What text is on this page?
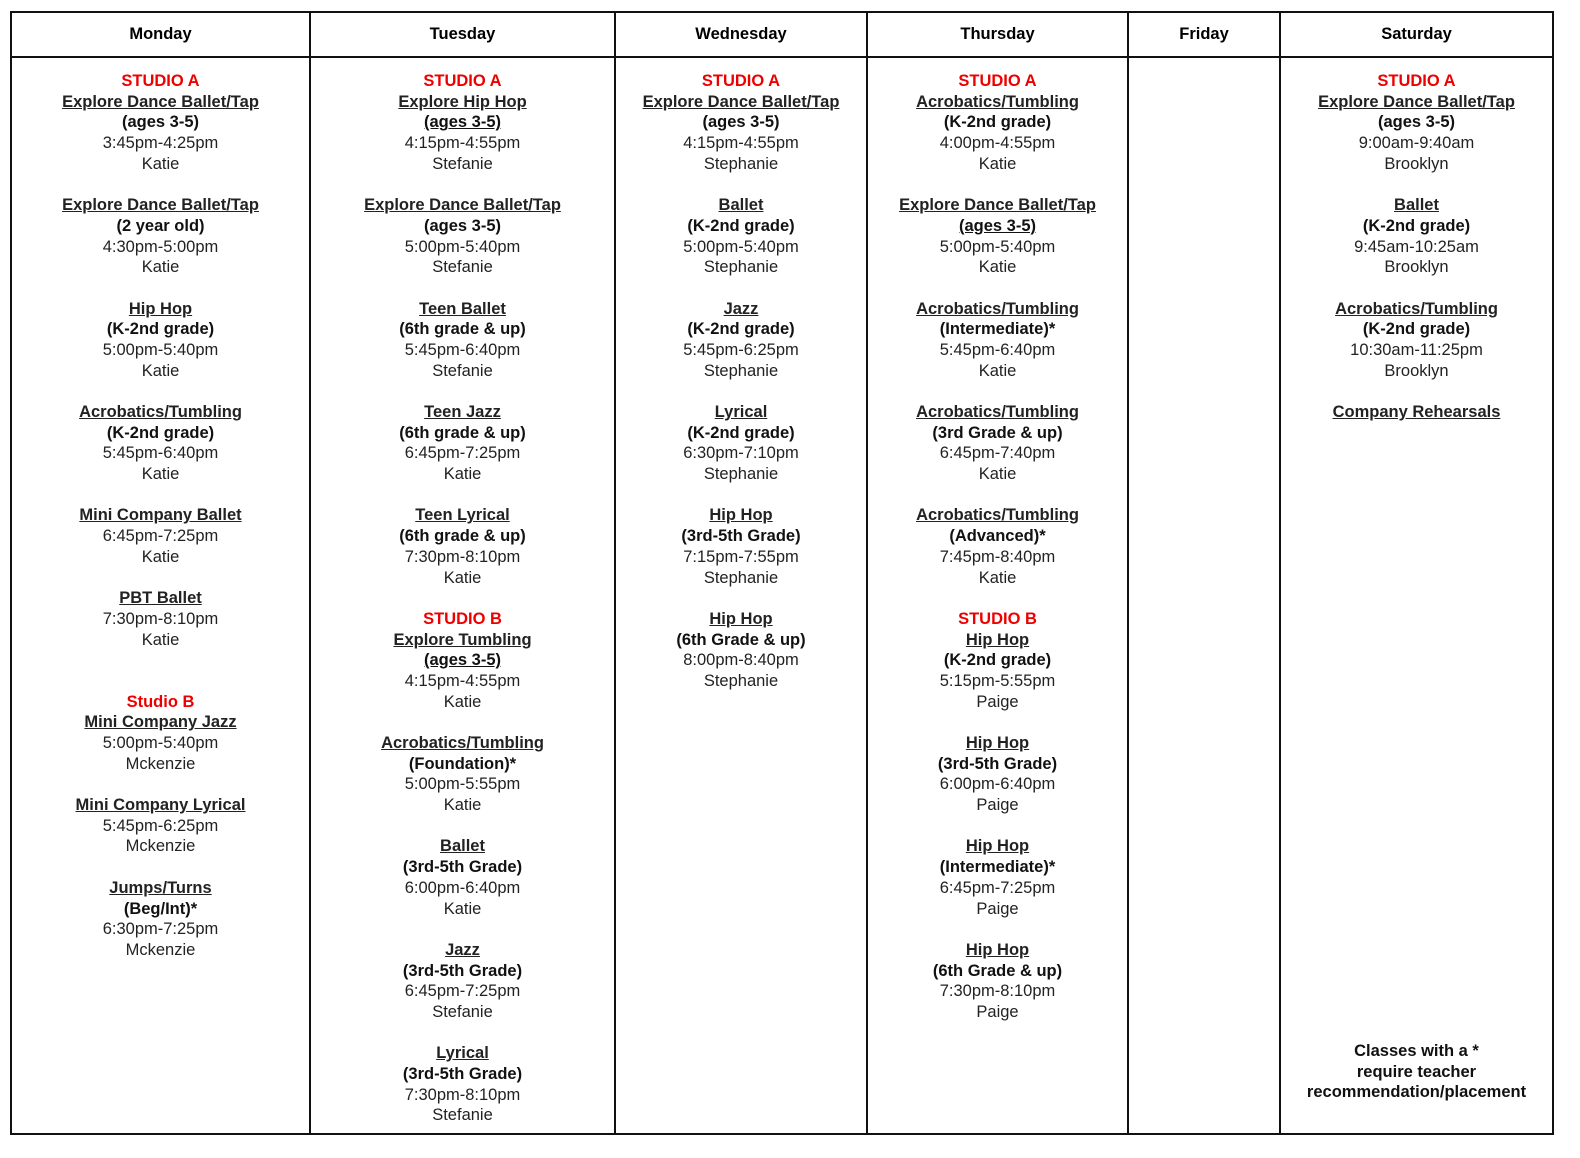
Monday
STUDIO A
Explore Dance Ballet/Tap
(ages 3-5)
3:45pm-4:25pm
Katie
Explore Dance Ballet/Tap
(2 year old)
4:30pm-5:00pm
Katie
Hip Hop
(K-2nd grade)
5:00pm-5:40pm
Katie
Acrobatics/Tumbling
(K-2nd grade)
5:45pm-6:40pm
Katie
Mini Company Ballet
6:45pm-7:25pm
Katie
PBT Ballet
7:30pm-8:10pm
Katie
Studio B
Mini Company Jazz
5:00pm-5:40pm
Mckenzie
Mini Company Lyrical
5:45pm-6:25pm
Mckenzie
Jumps/Turns
(Beg/Int)*
6:30pm-7:25pm
Mckenzie
Tuesday
STUDIO A
Explore Hip Hop
(ages 3-5)
4:15pm-4:55pm
Stefanie
Explore Dance Ballet/Tap
(ages 3-5)
5:00pm-5:40pm
Stefanie
Teen Ballet
(6th grade & up)
5:45pm-6:40pm
Stefanie
Teen Jazz
(6th grade & up)
6:45pm-7:25pm
Katie
Teen Lyrical
(6th grade & up)
7:30pm-8:10pm
Katie
STUDIO B
Explore Tumbling
(ages 3-5)
4:15pm-4:55pm
Katie
Acrobatics/Tumbling
(Foundation)*
5:00pm-5:55pm
Katie
Ballet
(3rd-5th Grade)
6:00pm-6:40pm
Katie
Jazz
(3rd-5th Grade)
6:45pm-7:25pm
Stefanie
Lyrical
(3rd-5th Grade)
7:30pm-8:10pm
Stefanie
Wednesday
STUDIO A
Explore Dance Ballet/Tap
(ages 3-5)
4:15pm-4:55pm
Stephanie
Ballet
(K-2nd grade)
5:00pm-5:40pm
Stephanie
Jazz
(K-2nd grade)
5:45pm-6:25pm
Stephanie
Lyrical
(K-2nd grade)
6:30pm-7:10pm
Stephanie
Hip Hop
(3rd-5th Grade)
7:15pm-7:55pm
Stephanie
Hip Hop
(6th Grade & up)
8:00pm-8:40pm
Stephanie
Thursday
STUDIO A
Acrobatics/Tumbling
(K-2nd grade)
4:00pm-4:55pm
Katie
Explore Dance Ballet/Tap
(ages 3-5)
5:00pm-5:40pm
Katie
Acrobatics/Tumbling
(Intermediate)*
5:45pm-6:40pm
Katie
Acrobatics/Tumbling
(3rd Grade & up)
6:45pm-7:40pm
Katie
Acrobatics/Tumbling
(Advanced)*
7:45pm-8:40pm
Katie
STUDIO B
Hip Hop
(K-2nd grade)
5:15pm-5:55pm
Paige
Hip Hop
(3rd-5th Grade)
6:00pm-6:40pm
Paige
Hip Hop
(Intermediate)*
6:45pm-7:25pm
Paige
Hip Hop
(6th Grade & up)
7:30pm-8:10pm
Paige
Friday	Saturday
STUDIO A
Explore Dance Ballet/Tap
(ages 3-5)
9:00am-9:40am
Brooklyn
Ballet
(K-2nd grade)
9:45am-10:25am
Brooklyn
Acrobatics/Tumbling
(K-2nd grade)
10:30am-11:25pm
Brooklyn
Company Rehearsals
Classes with a *
require teacher
recommendation/placement
